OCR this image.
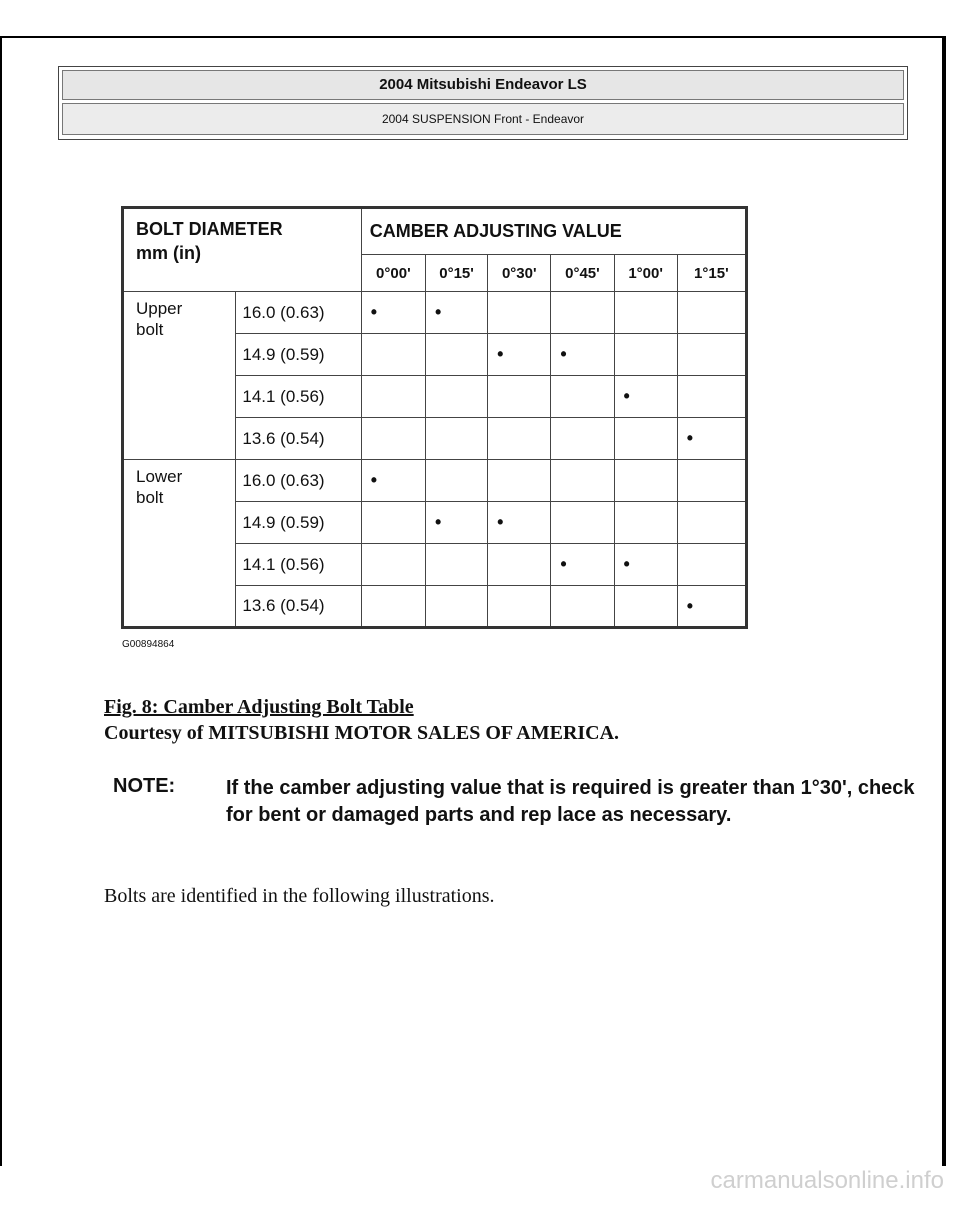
2004 Mitsubishi Endeavor LS
2004 SUSPENSION Front - Endeavor
BOLT DIAMETER
mm (in)		CAMBER ADJUSTING VALUE					
		0°00'	0°15'	0°30'	0°45'	1°00'	1°15'
Upper
bolt	16.0 (0.63)	•	•				
	14.9 (0.59)			•	•		
	14.1 (0.56)					•	
	13.6 (0.54)						•
Lower
bolt	16.0 (0.63)	•					
	14.9 (0.59)		•	•			
	14.1 (0.56)				•	•	
	13.6 (0.54)						•
G00894864
Fig. 8: Camber Adjusting Bolt Table
Courtesy of MITSUBISHI MOTOR SALES OF AMERICA.
NOTE:	If the camber adjusting value that is required is greater than 1°30', check for bent or damaged parts and rep lace as necessary.
Bolts are identified in the following illustrations.
carmanualsonline.info
